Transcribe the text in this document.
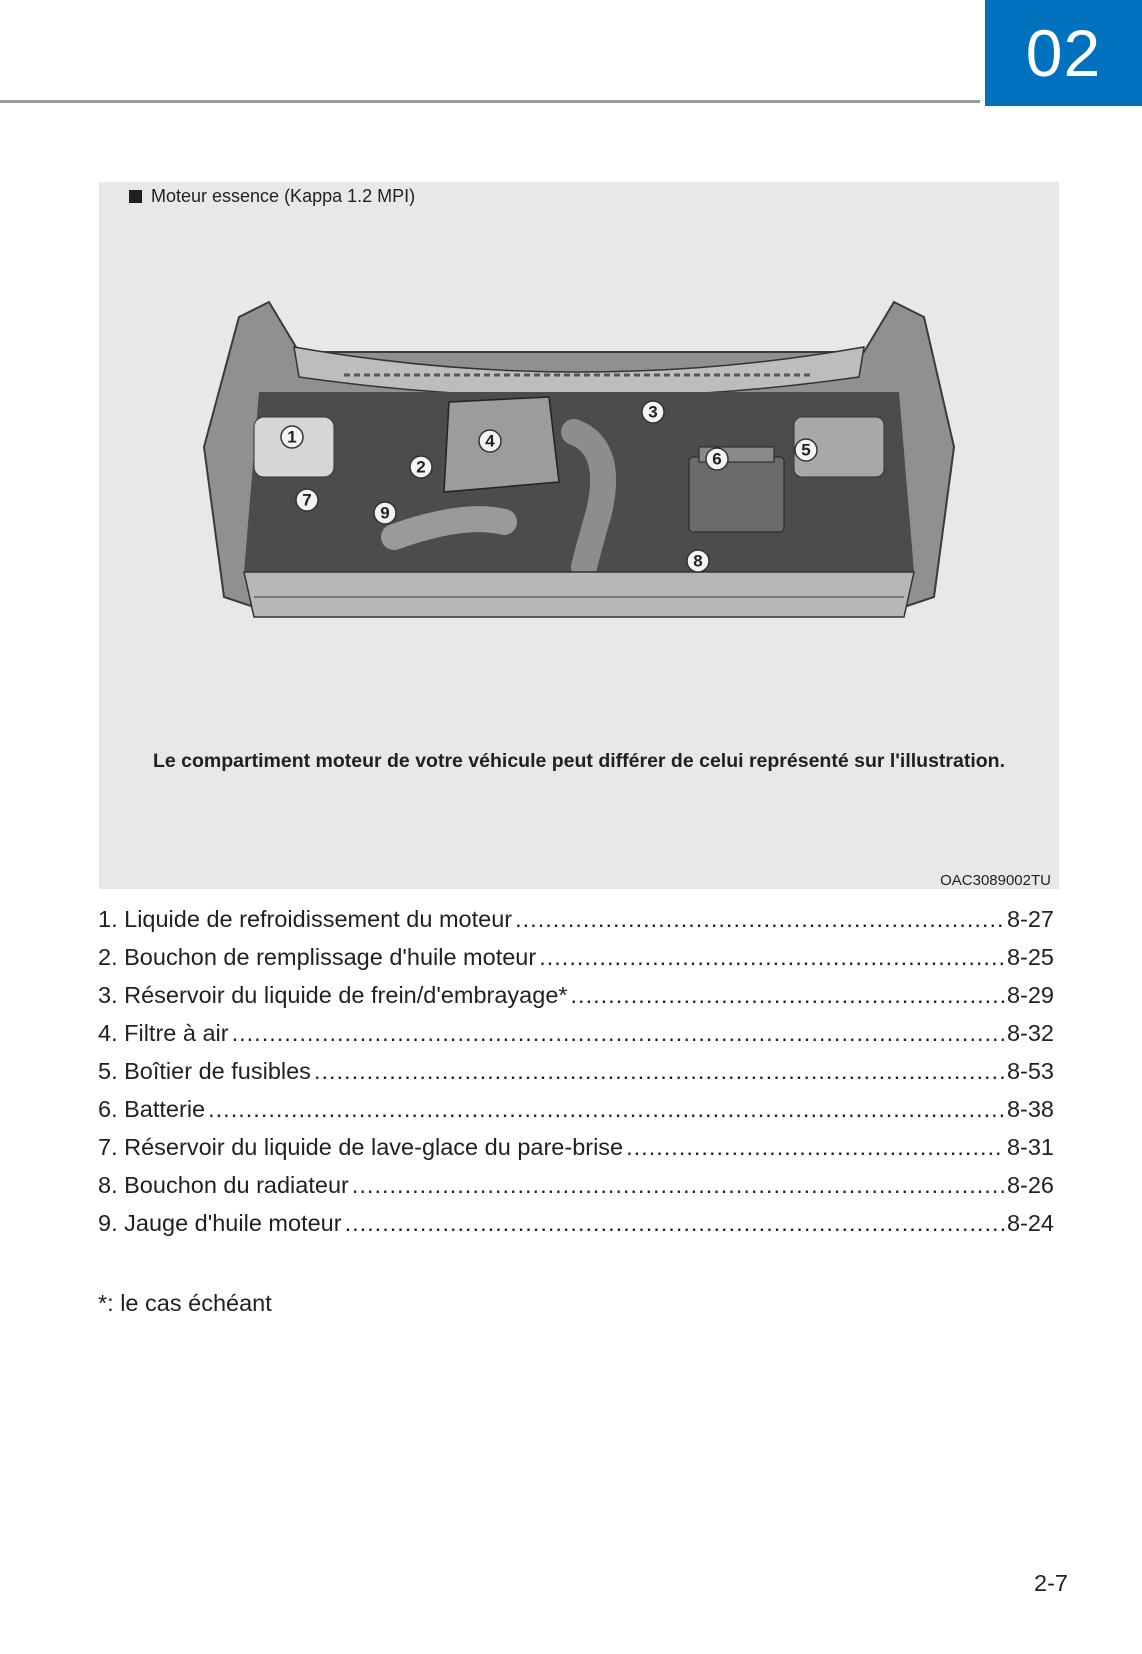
02
Moteur essence (Kappa 1.2 MPI)
1
2
3
4	5
6
7
8
9
Le compartiment moteur de votre véhicule peut différer de celui représenté sur l'illustration.
OAC3089002TU
1. Liquide de refroidissement du moteur .....	8-27
2. Bouchon de remplissage d'huile moteur .....	8-25
3. Réservoir du liquide de frein/d'embrayage* .....	8-29
4. Filtre à air .....	8-32
5. Boîtier de fusibles .....	8-53
6. Batterie .....	8-38
7. Réservoir du liquide de lave-glace du pare-brise .....	8-31
8. Bouchon du radiateur .....	8-26
9. Jauge d'huile moteur .....	8-24
*: le cas échéant
2-7
